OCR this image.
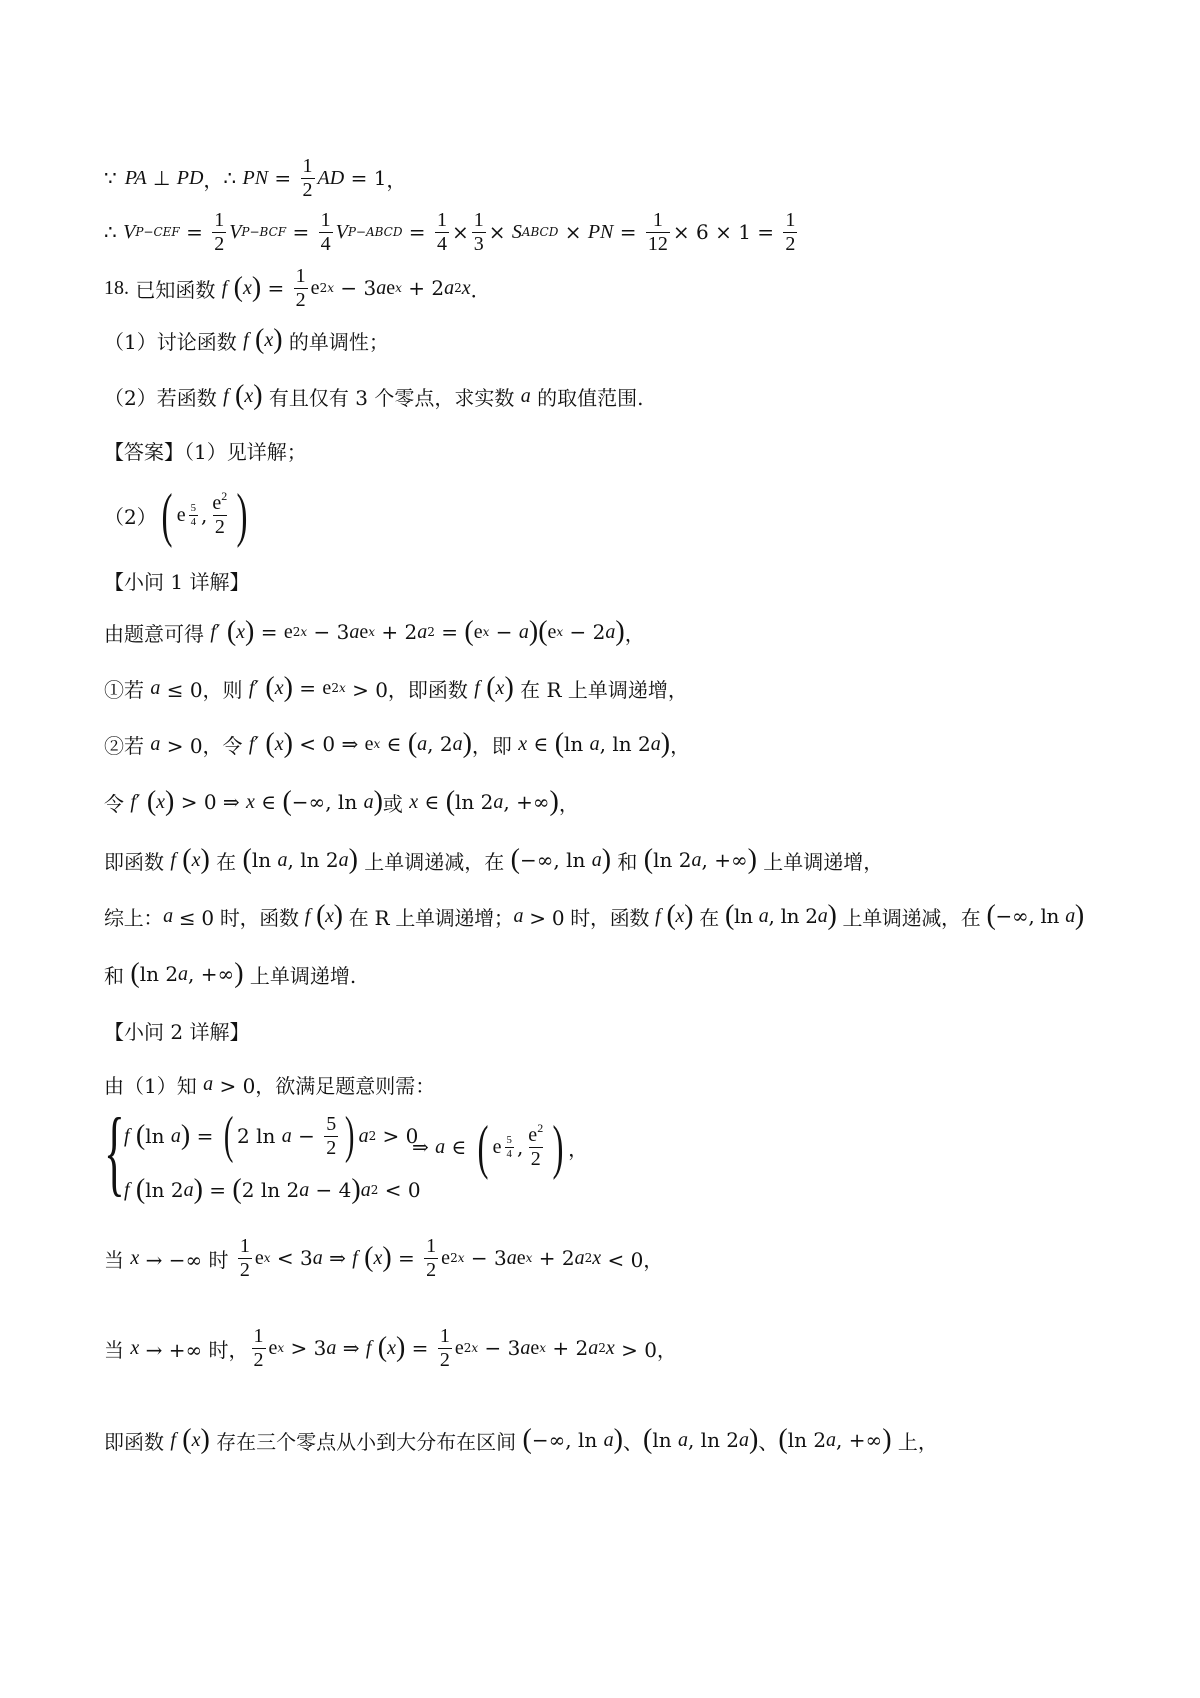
∵ PA
⊥
PD ， ∴
PN = $\frac{1}{2}$ AD = 1 ，
∴
V $P-CEF = \frac{1}{2}$ V $P-BCF = \frac{1}{4}$ V P−ABCD = $\frac{1}{4} \times \frac{1}{3} \times S$ ABCD × PN = $\frac{1}{12} \times 6 \times 1 = \frac{1}{2}$
18. 已知函数 f
( x ) = $\frac{1}{2}$ e 2x − 3 a e x + 2 a 2 x ．
（1）讨论函数 f
( x ) 的单调性；
（2）若函数 f
( x ) 有且仅有 3 个零点，求实数 a 的取值范围.
【答案】（1）见详解；
（2） ( e $\frac{5}{4}$ , $\frac{e^2}{2}$ )
【小问 1 详解】
由题意可得 f ′ ( x ) = e 2x − 3 a e x + 2 a 2 = ( e x − a ) ( e x − 2 a ) ，
①若 a ≤ 0，则 f ′ ( x ) = e 2x > 0，即函数 f
( x ) 在 R 上单调递增，
②若 a > 0，令 f ′ ( x ) < 0 ⇒ e x ∈ ( a , 2 a ) ，即 x ∈ ( ln a , ln 2 a ) ，
令 f ′ ( x ) > 0 ⇒ x ∈ ( −∞, ln a ) 或 x ∈ ( ln 2 a , +∞ ) ，
即函数 f
( x ) 在 ( ln a , ln 2 a ) 上单调递减，在 ( −∞, ln a ) 和 ( ln 2 a , +∞ ) 上单调递增，
综上： a ≤ 0 时，函数 f
( x ) 在 R 上单调递增； a > 0 时，函数 f
( x ) 在 ( ln a , ln 2 a ) 上单调递减，在 ( −∞, ln a )
和 ( ln 2 a , +∞ ) 上单调递增.
【小问 2 详解】
由（1）知 a > 0，欲满足题意则需：
{ f
( ln a ) = ( 2 $\ln a - \frac{5}{2}$ ) a 2 > 0
f
( ln 2 a ) = ( 2 ln 2 a − 4 ) a 2 < 0
⇒ a ∈ ( e $\frac{5}{4}$ , $\frac{e^2}{2}$ ) ，
当 x → −∞ 时 $\frac{1}{2}$ e x < 3 a ⇒ f
( x ) = $\frac{1}{2}$ e 2x − 3 a e x + 2 a 2 x < 0，
当 x → +∞ 时， $\frac{1}{2}$ e x > 3 a ⇒ f
( x ) = $\frac{1}{2}$ e 2x − 3 a e x + 2 a 2 x > 0，
即函数 f
( x ) 存在三个零点从小到大分布在区间 ( −∞, ln a ) 、 ( ln a , ln 2 a ) 、 ( ln 2 a , +∞ ) 上，
